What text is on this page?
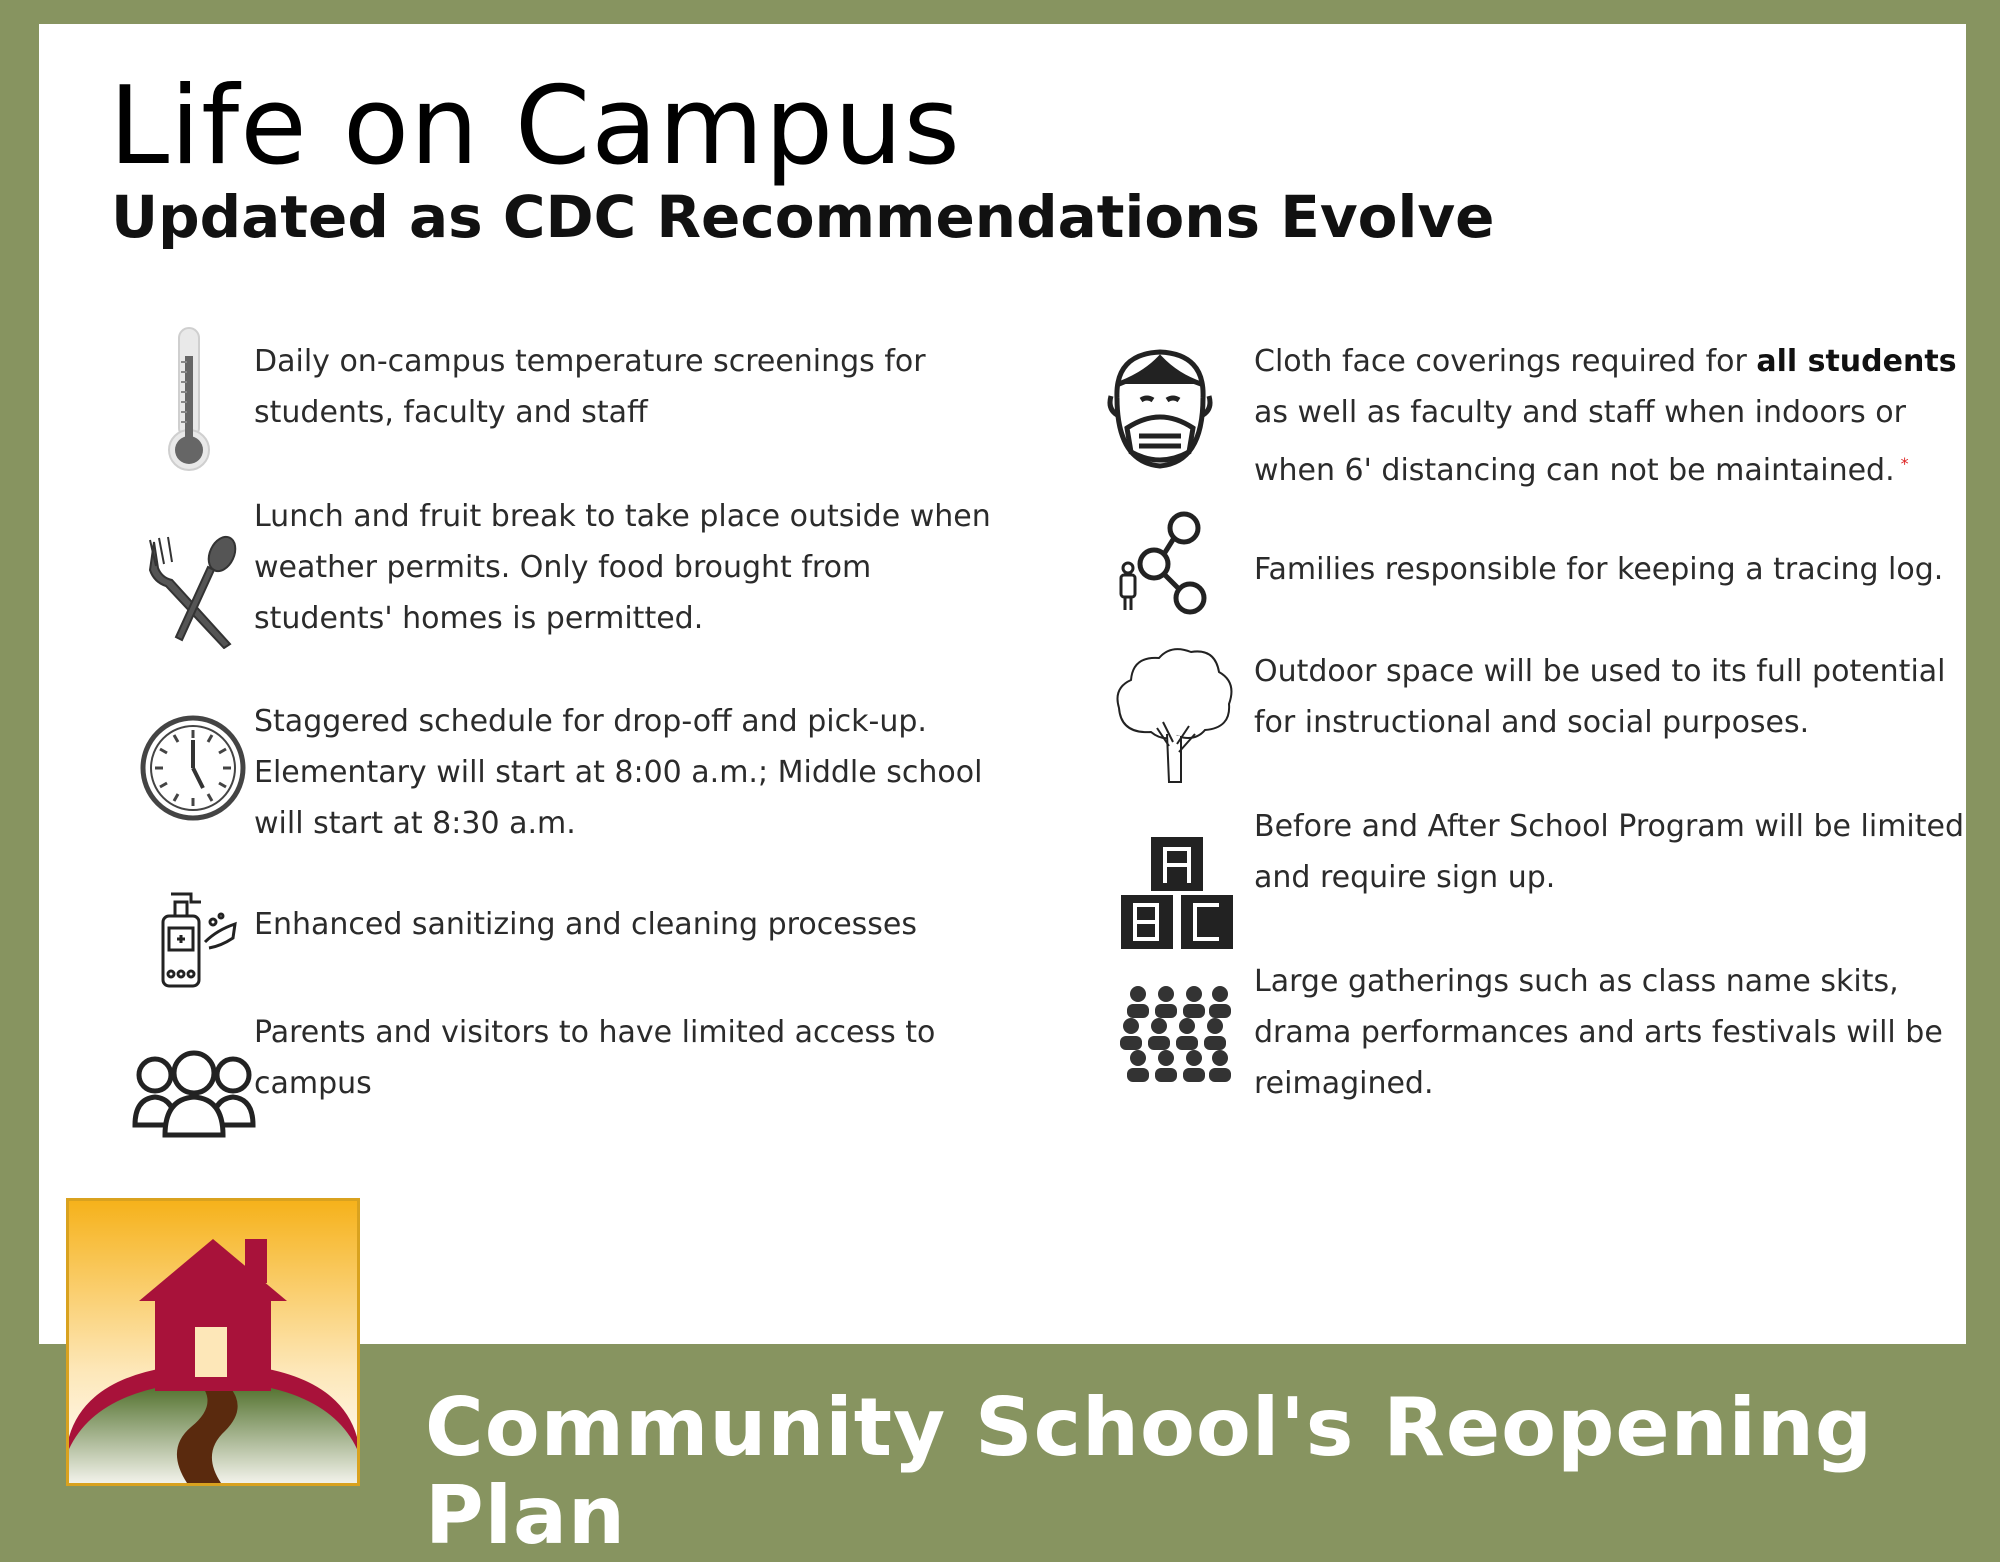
Life on Campus
Updated as CDC Recommendations Evolve
Daily on-campus temperature screenings for students, faculty and staff
Lunch and fruit break to take place outside when weather permits. Only food brought from students' homes is permitted.
Staggered schedule for drop-off and pick-up. Elementary will start at 8:00 a.m.; Middle school will start at 8:30 a.m.
Enhanced sanitizing and cleaning processes
Parents and visitors to have limited access to campus
Cloth face coverings required for all students as well as faculty and staff when indoors or when 6' distancing can not be maintained. *
Families responsible for keeping a tracing log.
Outdoor space will be used to its full potential for instructional and social purposes.
Before and After School Program will be limited and require sign up.
Large gatherings such as class name skits, drama performances and arts festivals will be reimagined.
Community School's Reopening Plan
